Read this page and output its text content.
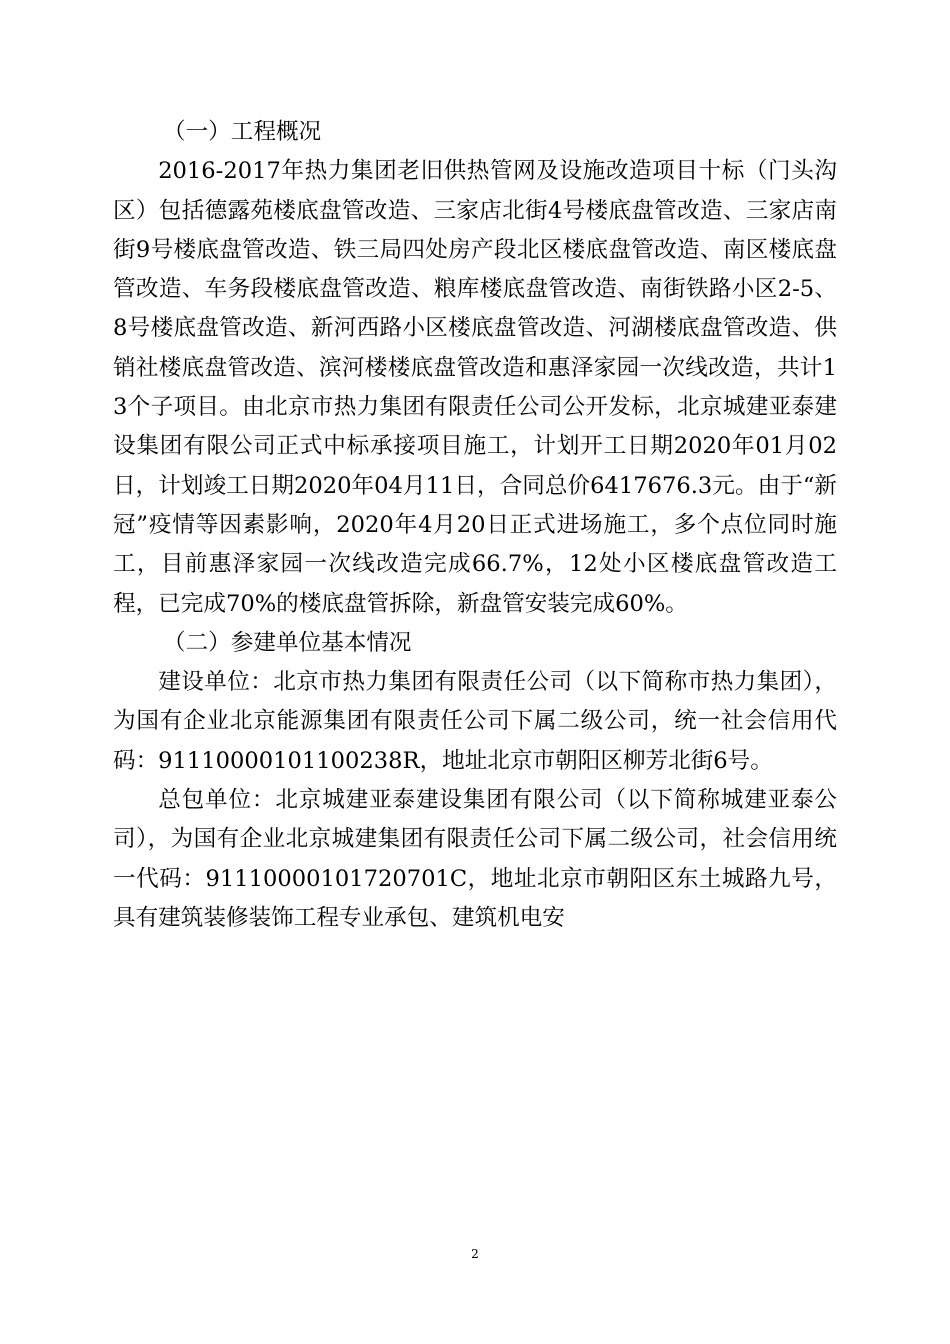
（一）工程概况

2016-2017年热力集团老旧供热管网及设施改造项目十标（门头沟区）包括德露苑楼底盘管改造、三家店北街4号楼底盘管改造、三家店南街9号楼底盘管改造、铁三局四处房产段北区楼底盘管改造、南区楼底盘管改造、车务段楼底盘管改造、粮库楼底盘管改造、南街铁路小区2-5、8号楼底盘管改造、新河西路小区楼底盘管改造、河湖楼底盘管改造、供销社楼底盘管改造、滨河楼楼底盘管改造和惠泽家园一次线改造，共计13个子项目。由北京市热力集团有限责任公司公开发标，北京城建亚泰建设集团有限公司正式中标承接项目施工，计划开工日期2020年01月02日，计划竣工日期2020年04月11日，合同总价6417676.3元。由于“新冠”疫情等因素影响，2020年4月20日正式进场施工，多个点位同时施工，目前惠泽家园一次线改造完成66.7%，12处小区楼底盘管改造工程，已完成70%的楼底盘管拆除，新盘管安装完成60%。

（二）参建单位基本情况

建设单位：北京市热力集团有限责任公司（以下简称市热力集团），为国有企业北京能源集团有限责任公司下属二级公司，统一社会信用代码：91110000101100238R，地址北京市朝阳区柳芳北街6号。

总包单位：北京城建亚泰建设集团有限公司（以下简称城建亚泰公司），为国有企业北京城建集团有限责任公司下属二级公司，社会信用统一代码：91110000101720701C，地址北京市朝阳区东土城路九号，具有建筑装修装饰工程专业承包、建筑机电安

2
